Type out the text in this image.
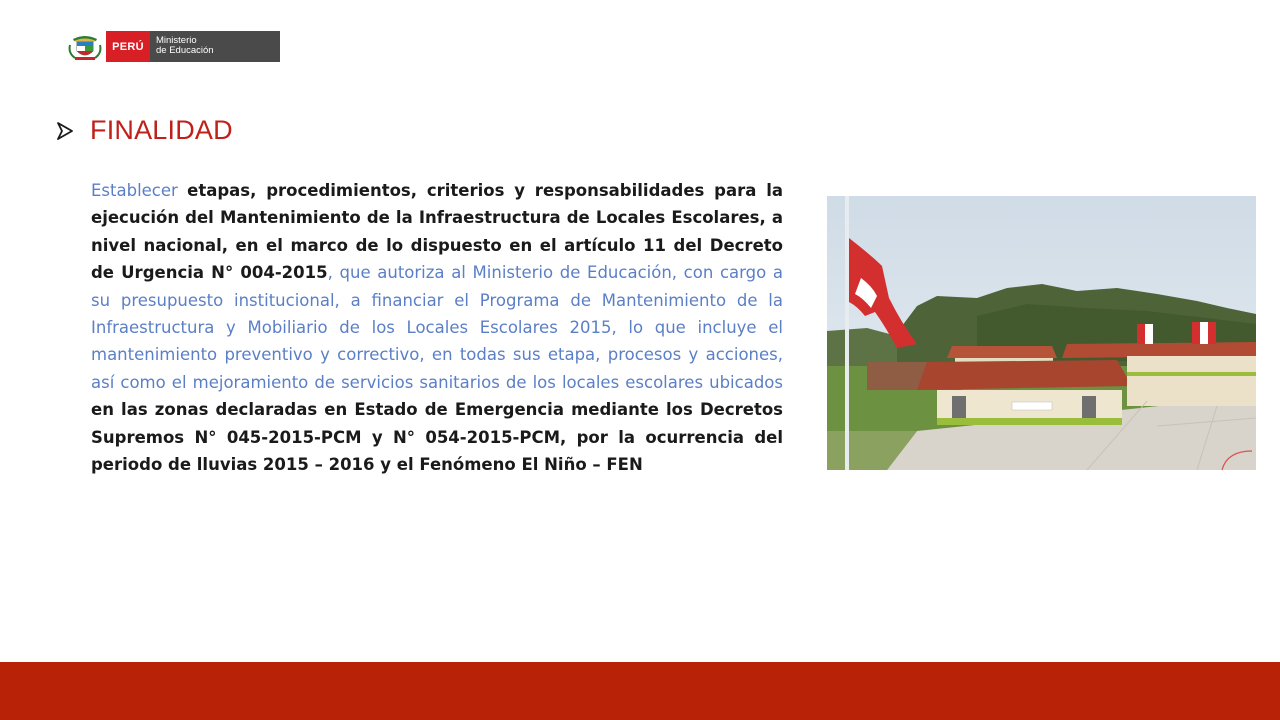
PERÚ	Ministerio
de Educación
FINALIDAD
Establecer etapas, procedimientos, criterios y responsabilidades para la ejecución del Mantenimiento de la Infraestructura de Locales Escolares, a nivel nacional, en el marco de lo dispuesto en el artículo 11 del Decreto de Urgencia N° 004-2015, que autoriza al Ministerio de Educación, con cargo a su presupuesto institucional, a financiar el Programa de Mantenimiento de la Infraestructura y Mobiliario de los Locales Escolares 2015, lo que incluye el mantenimiento preventivo y correctivo, en todas sus etapa, procesos y acciones, así como el mejoramiento de servicios sanitarios de los locales escolares ubicados en las zonas declaradas en Estado de Emergencia mediante los Decretos Supremos N° 045-2015-PCM y N° 054-2015-PCM, por la ocurrencia del periodo de lluvias 2015 – 2016 y el Fenómeno El Niño – FEN
